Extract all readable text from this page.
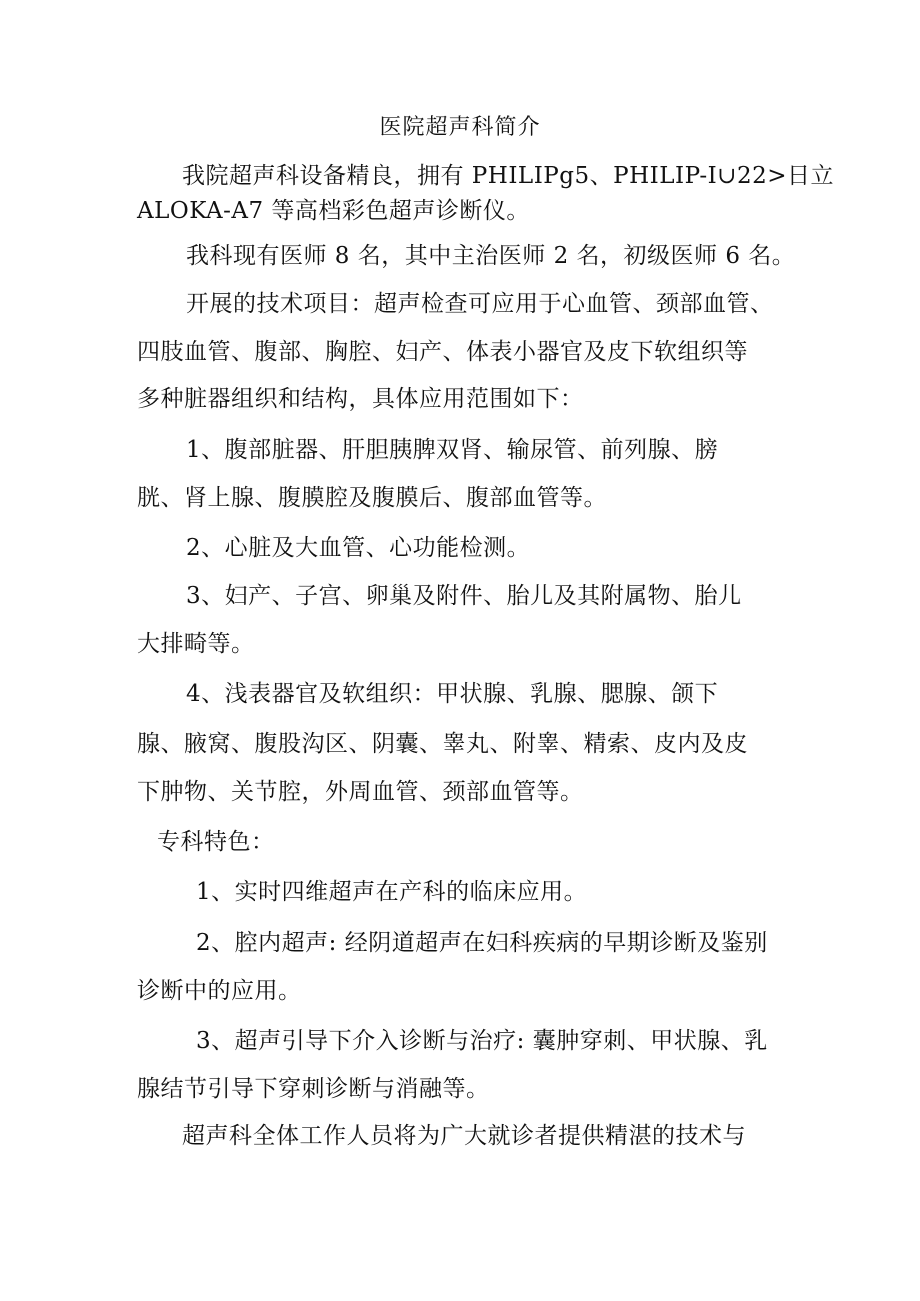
医院超声科简介
我院超声科设备精良，拥有 PHILIPg5、PHILIP-I∪22>日立
ALOKA-A7 等高档彩色超声诊断仪。
我科现有医师 8 名，其中主治医师 2 名，初级医师 6 名。
开展的技术项目：超声检查可应用于心血管、颈部血管、
四肢血管、腹部、胸腔、妇产、体表小器官及皮下软组织等
多种脏器组织和结构，具体应用范围如下：
1、腹部脏器、肝胆胰脾双肾、输尿管、前列腺、膀
胱、肾上腺、腹膜腔及腹膜后、腹部血管等。
2、心脏及大血管、心功能检测。
3、妇产、子宫、卵巢及附件、胎儿及其附属物、胎儿
大排畸等。
4、浅表器官及软组织：甲状腺、乳腺、腮腺、颌下
腺、腋窝、腹股沟区、阴囊、睾丸、附睾、精索、皮内及皮
下肿物、关节腔，外周血管、颈部血管等。
专科特色：
1、实时四维超声在产科的临床应用。
2、腔内超声: 经阴道超声在妇科疾病的早期诊断及鉴别
诊断中的应用。
3、超声引导下介入诊断与治疗: 囊肿穿刺、甲状腺、乳
腺结节引导下穿刺诊断与消融等。
超声科全体工作人员将为广大就诊者提供精湛的技术与
